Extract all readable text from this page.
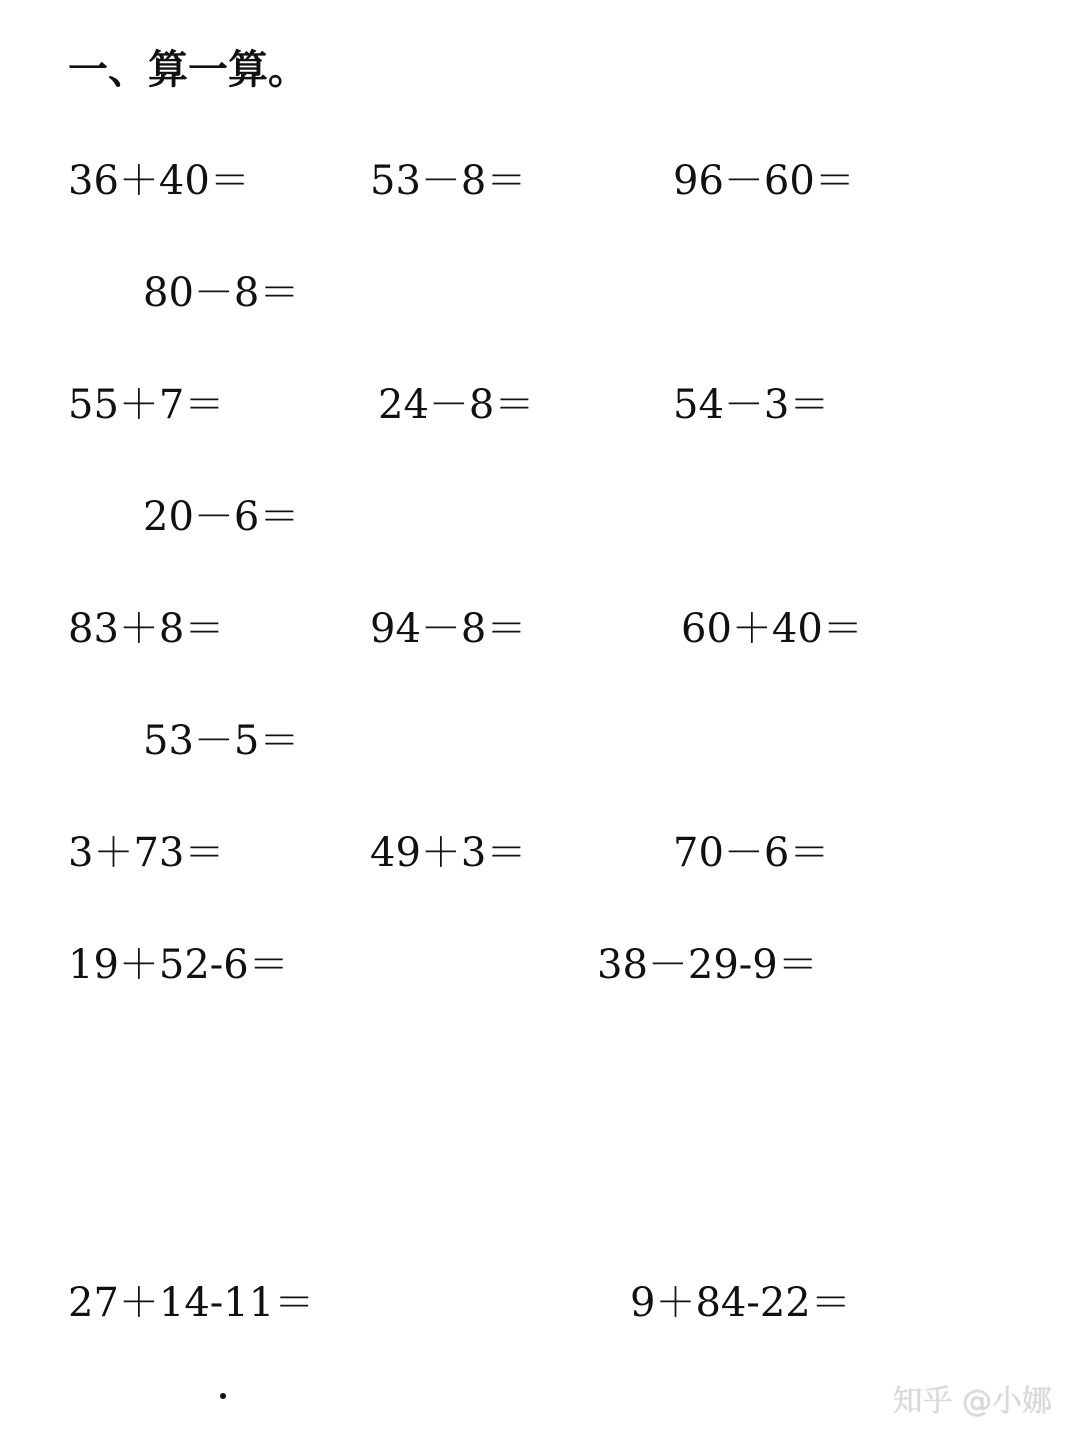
一、算一算。
36＋40＝	53－8＝	96－60＝
80－8＝
55＋7＝	24－8＝	54－3＝
20－6＝
83＋8＝	94－8＝	60＋40＝
53－5＝
3＋73＝	49＋3＝	70－6＝
19＋52-6＝	38－29-9＝
27＋14-11＝	9＋84-22＝
知乎 @小娜
